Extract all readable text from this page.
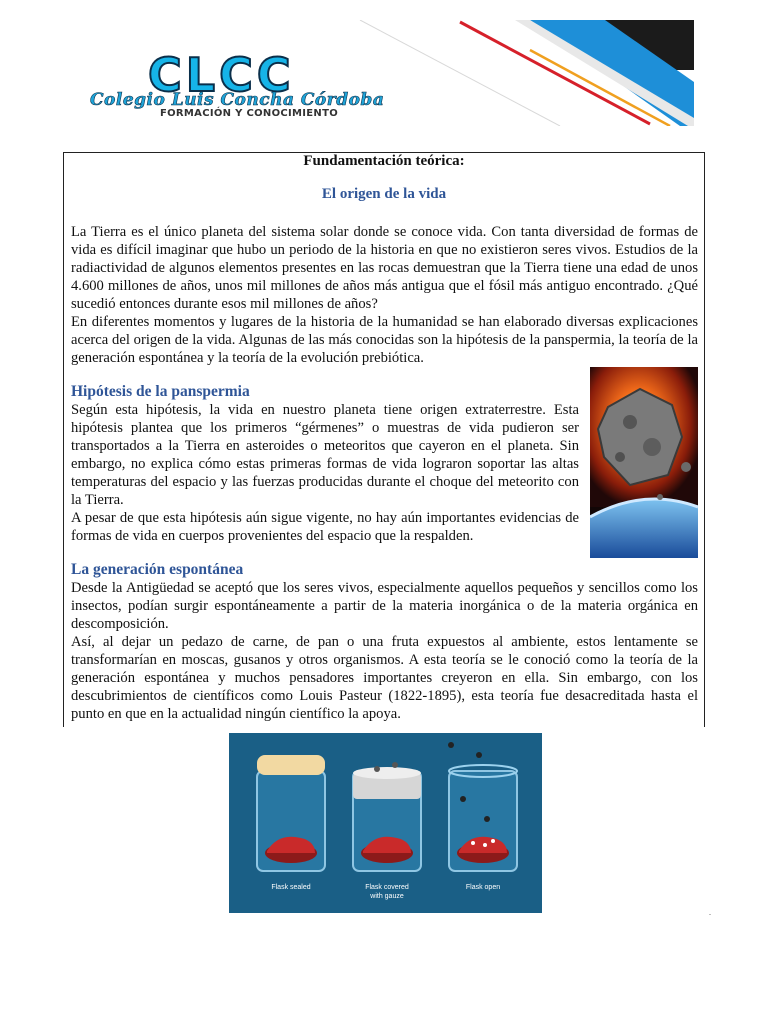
CLCC
Colegio Luis Concha Córdoba
FORMACIÓN Y CONOCIMIENTO
Fundamentación teórica:
El origen de la vida

La Tierra es el único planeta del sistema solar donde se conoce vida. Con tanta diversidad de formas de vida es difícil imaginar que hubo un periodo de la historia en que no existieron seres vivos. Estudios de la radiactividad de algunos elementos presentes en las rocas demuestran que la Tierra tiene una edad de unos 4.600 millones de años, unos mil millones de años más antigua que el fósil más antiguo encontrado. ¿Qué sucedió entonces durante esos mil millones de años?

En diferentes momentos y lugares de la historia de la humanidad se han elaborado diversas explicaciones acerca del origen de la vida. Algunas de las más conocidas son la hipótesis de la panspermia, la teoría de la generación espontánea y la teoría de la evolución prebiótica.

Hipótesis de la panspermia

Según esta hipótesis, la vida en nuestro planeta tiene origen extraterrestre. Esta hipótesis plantea que los primeros “gérmenes” o muestras de vida pudieron ser transportados a la Tierra en asteroides o meteoritos que cayeron en el planeta. Sin embargo, no explica cómo estas primeras formas de vida lograron soportar las altas temperaturas del espacio y las fuerzas producidas durante el choque del meteorito con la Tierra.

A pesar de que esta hipótesis aún sigue vigente, no hay aún importantes evidencias de formas de vida en cuerpos provenientes del espacio que la respalden.

La generación espontánea

Desde la Antigüedad se aceptó que los seres vivos, especialmente aquellos pequeños y sencillos como los insectos, podían surgir espontáneamente a partir de la materia inorgánica o de la materia orgánica en descomposición.

Así, al dejar un pedazo de carne, de pan o una fruta expuestos al ambiente, estos lentamente se transformarían en moscas, gusanos y otros organismos. A esta teoría se le conoció como la teoría de la generación espontánea y muchos pensadores importantes creyeron en ella. Sin embargo, con los descubrimientos de científicos como Louis Pasteur (1822-1895), esta teoría fue desacreditada hasta el punto en que en la actualidad ningún científico la apoya.

Flask sealed	Flask covered
with gauze
Flask open
.
